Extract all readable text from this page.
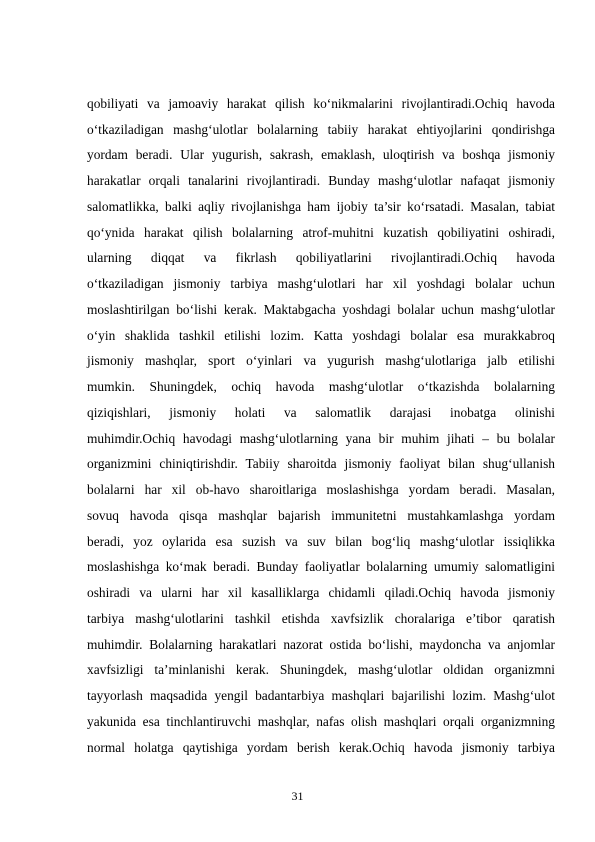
qobiliyati va jamoaviy harakat qilish ko‘nikmalarini rivojlantiradi.Ochiq havoda
o‘tkaziladigan mashg‘ulotlar bolalarning tabiiy harakat ehtiyojlarini qondirishga
yordam beradi. Ular yugurish, sakrash, emaklash, uloqtirish va boshqa jismoniy
harakatlar orqali tanalarini rivojlantiradi. Bunday mashg‘ulotlar nafaqat jismoniy
salomatlikka, balki aqliy rivojlanishga ham ijobiy ta’sir ko‘rsatadi. Masalan, tabiat
qo‘ynida harakat qilish bolalarning atrof-muhitni kuzatish qobiliyatini oshiradi,
ularning diqqat va fikrlash qobiliyatlarini rivojlantiradi.Ochiq havoda
o‘tkaziladigan jismoniy tarbiya mashg‘ulotlari har xil yoshdagi bolalar uchun
moslashtirilgan bo‘lishi kerak. Maktabgacha yoshdagi bolalar uchun mashg‘ulotlar
o‘yin shaklida tashkil etilishi lozim. Katta yoshdagi bolalar esa murakkabroq
jismoniy mashqlar, sport o‘yinlari va yugurish mashg‘ulotlariga jalb etilishi
mumkin. Shuningdek, ochiq havoda mashg‘ulotlar o‘tkazishda bolalarning
qiziqishlari, jismoniy holati va salomatlik darajasi inobatga olinishi
muhimdir.Ochiq havodagi mashg‘ulotlarning yana bir muhim jihati – bu bolalar
organizmini chiniqtirishdir. Tabiiy sharoitda jismoniy faoliyat bilan shug‘ullanish
bolalarni har xil ob-havo sharoitlariga moslashishga yordam beradi. Masalan,
sovuq havoda qisqa mashqlar bajarish immunitetni mustahkamlashga yordam
beradi, yoz oylarida esa suzish va suv bilan bog‘liq mashg‘ulotlar issiqlikka
moslashishga ko‘mak beradi. Bunday faoliyatlar bolalarning umumiy salomatligini
oshiradi va ularni har xil kasalliklarga chidamli qiladi.Ochiq havoda jismoniy
tarbiya mashg‘ulotlarini tashkil etishda xavfsizlik choralariga e’tibor qaratish
muhimdir. Bolalarning harakatlari nazorat ostida bo‘lishi, maydoncha va anjomlar
xavfsizligi ta’minlanishi kerak. Shuningdek, mashg‘ulotlar oldidan organizmni
tayyorlash maqsadida yengil badantarbiya mashqlari bajarilishi lozim. Mashg‘ulot
yakunida esa tinchlantiruvchi mashqlar, nafas olish mashqlari orqali organizmning
normal holatga qaytishiga yordam berish kerak.Ochiq havoda jismoniy tarbiya
31
